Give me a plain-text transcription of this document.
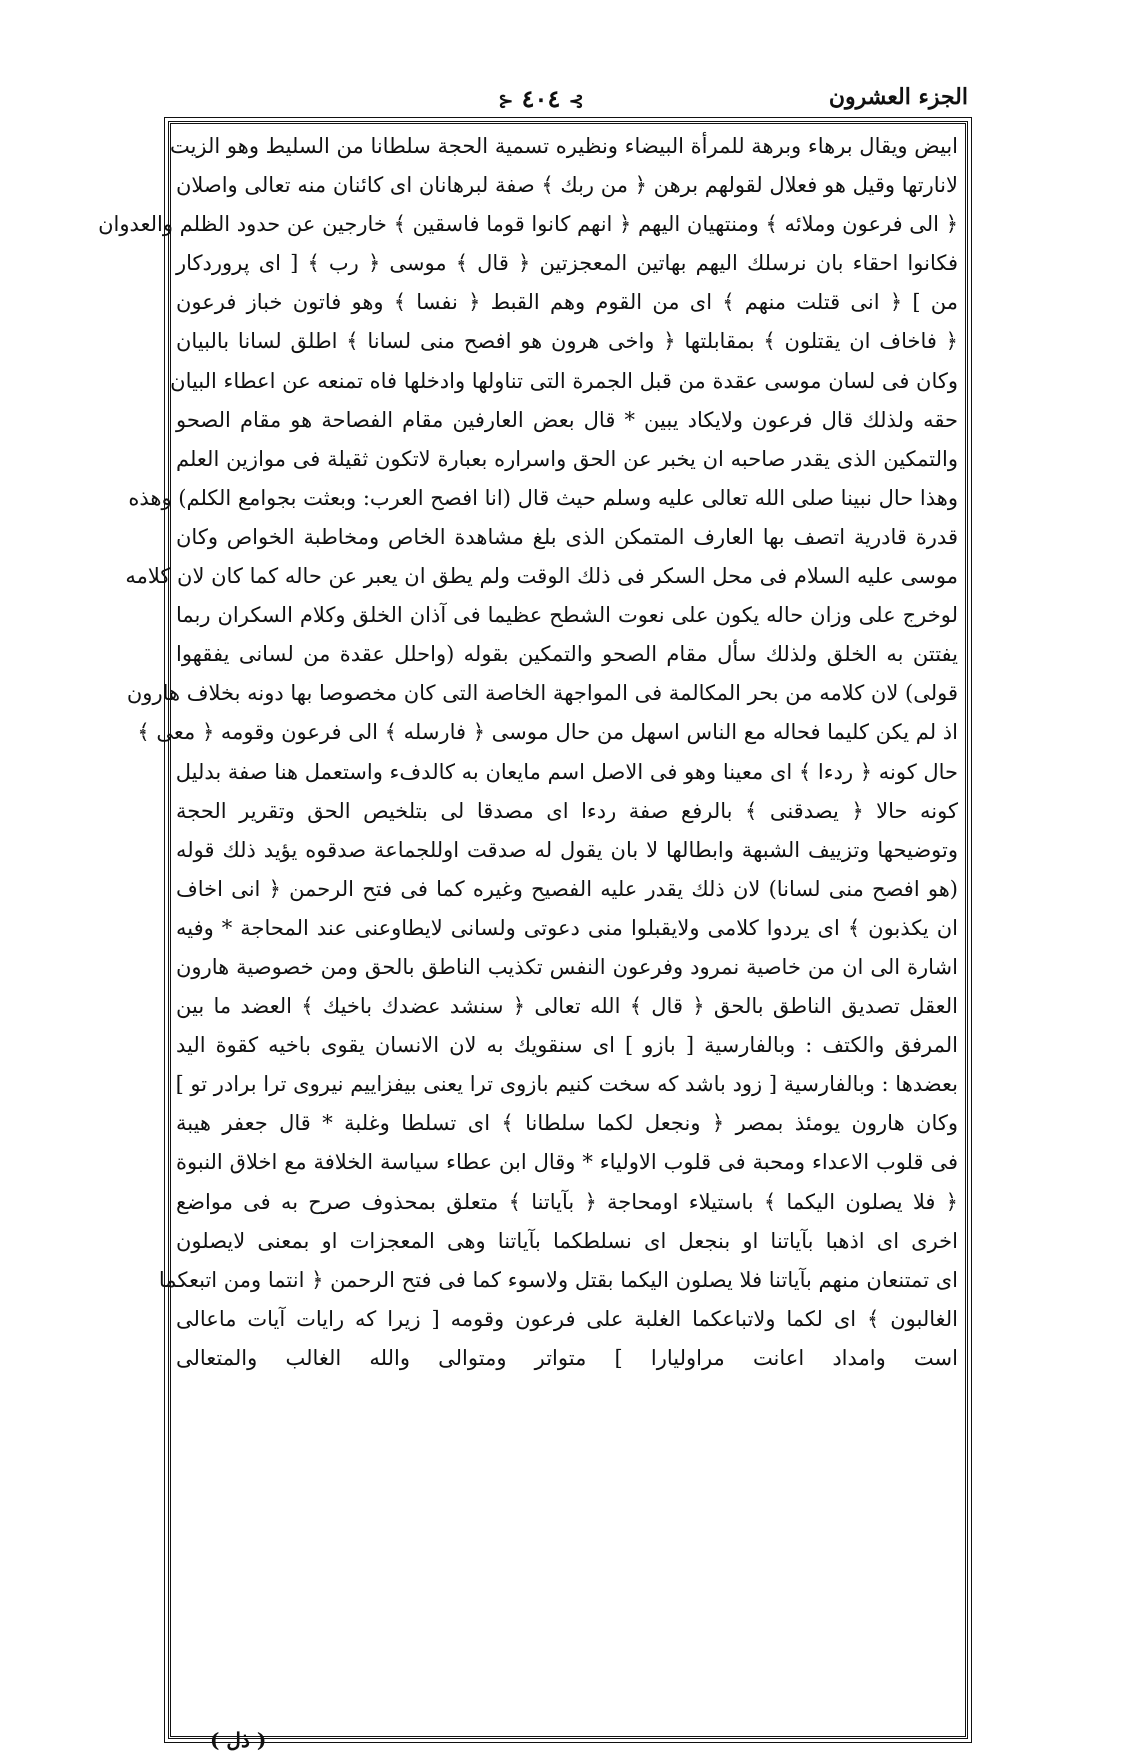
الجزء العشرون
⊱ ٤٠٤ ⊰
ابيض ويقال برهاء وبرهة للمرأة البيضاء ونظيره تسمية الحجة سلطانا من السليط وهو الزيت
لانارتها وقيل هو فعلال لقولهم برهن ﴿ من ربك ﴾ صفة لبرهانان اى كائنان منه تعالى واصلان
﴿ الى فرعون وملائه ﴾ ومنتهيان اليهم ﴿ انهم كانوا قوما فاسقين ﴾ خارجين عن حدود الظلم والعدوان
فكانوا احقاء بان نرسلك اليهم بهاتين المعجزتين ﴿ قال ﴾ موسى ﴿ رب ﴾ [ اى پروردكار
من ] ﴿ انى قتلت منهم ﴾ اى من القوم وهم القبط ﴿ نفسا ﴾ وهو فاتون خباز فرعون
﴿ فاخاف ان يقتلون ﴾ بمقابلتها ﴿ واخى هرون هو افصح منى لسانا ﴾ اطلق لسانا بالبيان
وكان فى لسان موسى عقدة من قبل الجمرة التى تناولها وادخلها فاه تمنعه عن اعطاء البيان
حقه ولذلك قال فرعون ولايكاد يبين * قال بعض العارفين مقام الفصاحة هو مقام الصحو
والتمكين الذى يقدر صاحبه ان يخبر عن الحق واسراره بعبارة لاتكون ثقيلة فى موازين العلم
وهذا حال نبينا صلى الله تعالى عليه وسلم حيث قال (انا افصح العرب: وبعثت بجوامع الكلم) وهذه
قدرة قادرية اتصف بها العارف المتمكن الذى بلغ مشاهدة الخاص ومخاطبة الخواص وكان
موسى عليه السلام فى محل السكر فى ذلك الوقت ولم يطق ان يعبر عن حاله كما كان لان كلامه
لوخرج على وزان حاله يكون على نعوت الشطح عظيما فى آذان الخلق وكلام السكران ربما
يفتتن به الخلق ولذلك سأل مقام الصحو والتمكين بقوله (واحلل عقدة من لسانى يفقهوا
قولى) لان كلامه من بحر المكالمة فى المواجهة الخاصة التى كان مخصوصا بها دونه بخلاف هارون
اذ لم يكن كليما فحاله مع الناس اسهل من حال موسى ﴿ فارسله ﴾ الى فرعون وقومه ﴿ معى ﴾
حال كونه ﴿ ردءا ﴾ اى معينا وهو فى الاصل اسم مايعان به كالدفء واستعمل هنا صفة بدليل
كونه حالا ﴿ يصدقنى ﴾ بالرفع صفة ردءا اى مصدقا لى بتلخيص الحق وتقرير الحجة
وتوضيحها وتزييف الشبهة وابطالها لا بان يقول له صدقت اوللجماعة صدقوه يؤيد ذلك قوله
(هو افصح منى لسانا) لان ذلك يقدر عليه الفصيح وغيره كما فى فتح الرحمن ﴿ انى اخاف
ان يكذبون ﴾ اى يردوا كلامى ولايقبلوا منى دعوتى ولسانى لايطاوعنى عند المحاجة * وفيه
اشارة الى ان من خاصية نمرود وفرعون النفس تكذيب الناطق بالحق ومن خصوصية هارون
العقل تصديق الناطق بالحق ﴿ قال ﴾ الله تعالى ﴿ سنشد عضدك باخيك ﴾ العضد ما بين
المرفق والكتف : وبالفارسية [ بازو ] اى سنقويك به لان الانسان يقوى باخيه كقوة اليد
بعضدها : وبالفارسية [ زود باشد كه سخت كنيم بازوى ترا يعنى بيفزاييم نيروى ترا برادر تو ]
وكان هارون يومئذ بمصر ﴿ ونجعل لكما سلطانا ﴾ اى تسلطا وغلبة * قال جعفر هيبة
فى قلوب الاعداء ومحبة فى قلوب الاولياء * وقال ابن عطاء سياسة الخلافة مع اخلاق النبوة
﴿ فلا يصلون اليكما ﴾ باستيلاء اومحاجة ﴿ بآياتنا ﴾ متعلق بمحذوف صرح به فى مواضع
اخرى اى اذهبا بآياتنا او بنجعل اى نسلطكما بآياتنا وهى المعجزات او بمعنى لايصلون
اى تمتنعان منهم بآياتنا فلا يصلون اليكما بقتل ولاسوء كما فى فتح الرحمن ﴿ انتما ومن اتبعكما
الغالبون ﴾ اى لكما ولاتباعكما الغلبة على فرعون وقومه [ زيرا كه رايات آيات ماعالى
است وامداد اعانت مراوليارا ] متواتر ومتوالى والله الغالب والمتعالى
( ذل )
